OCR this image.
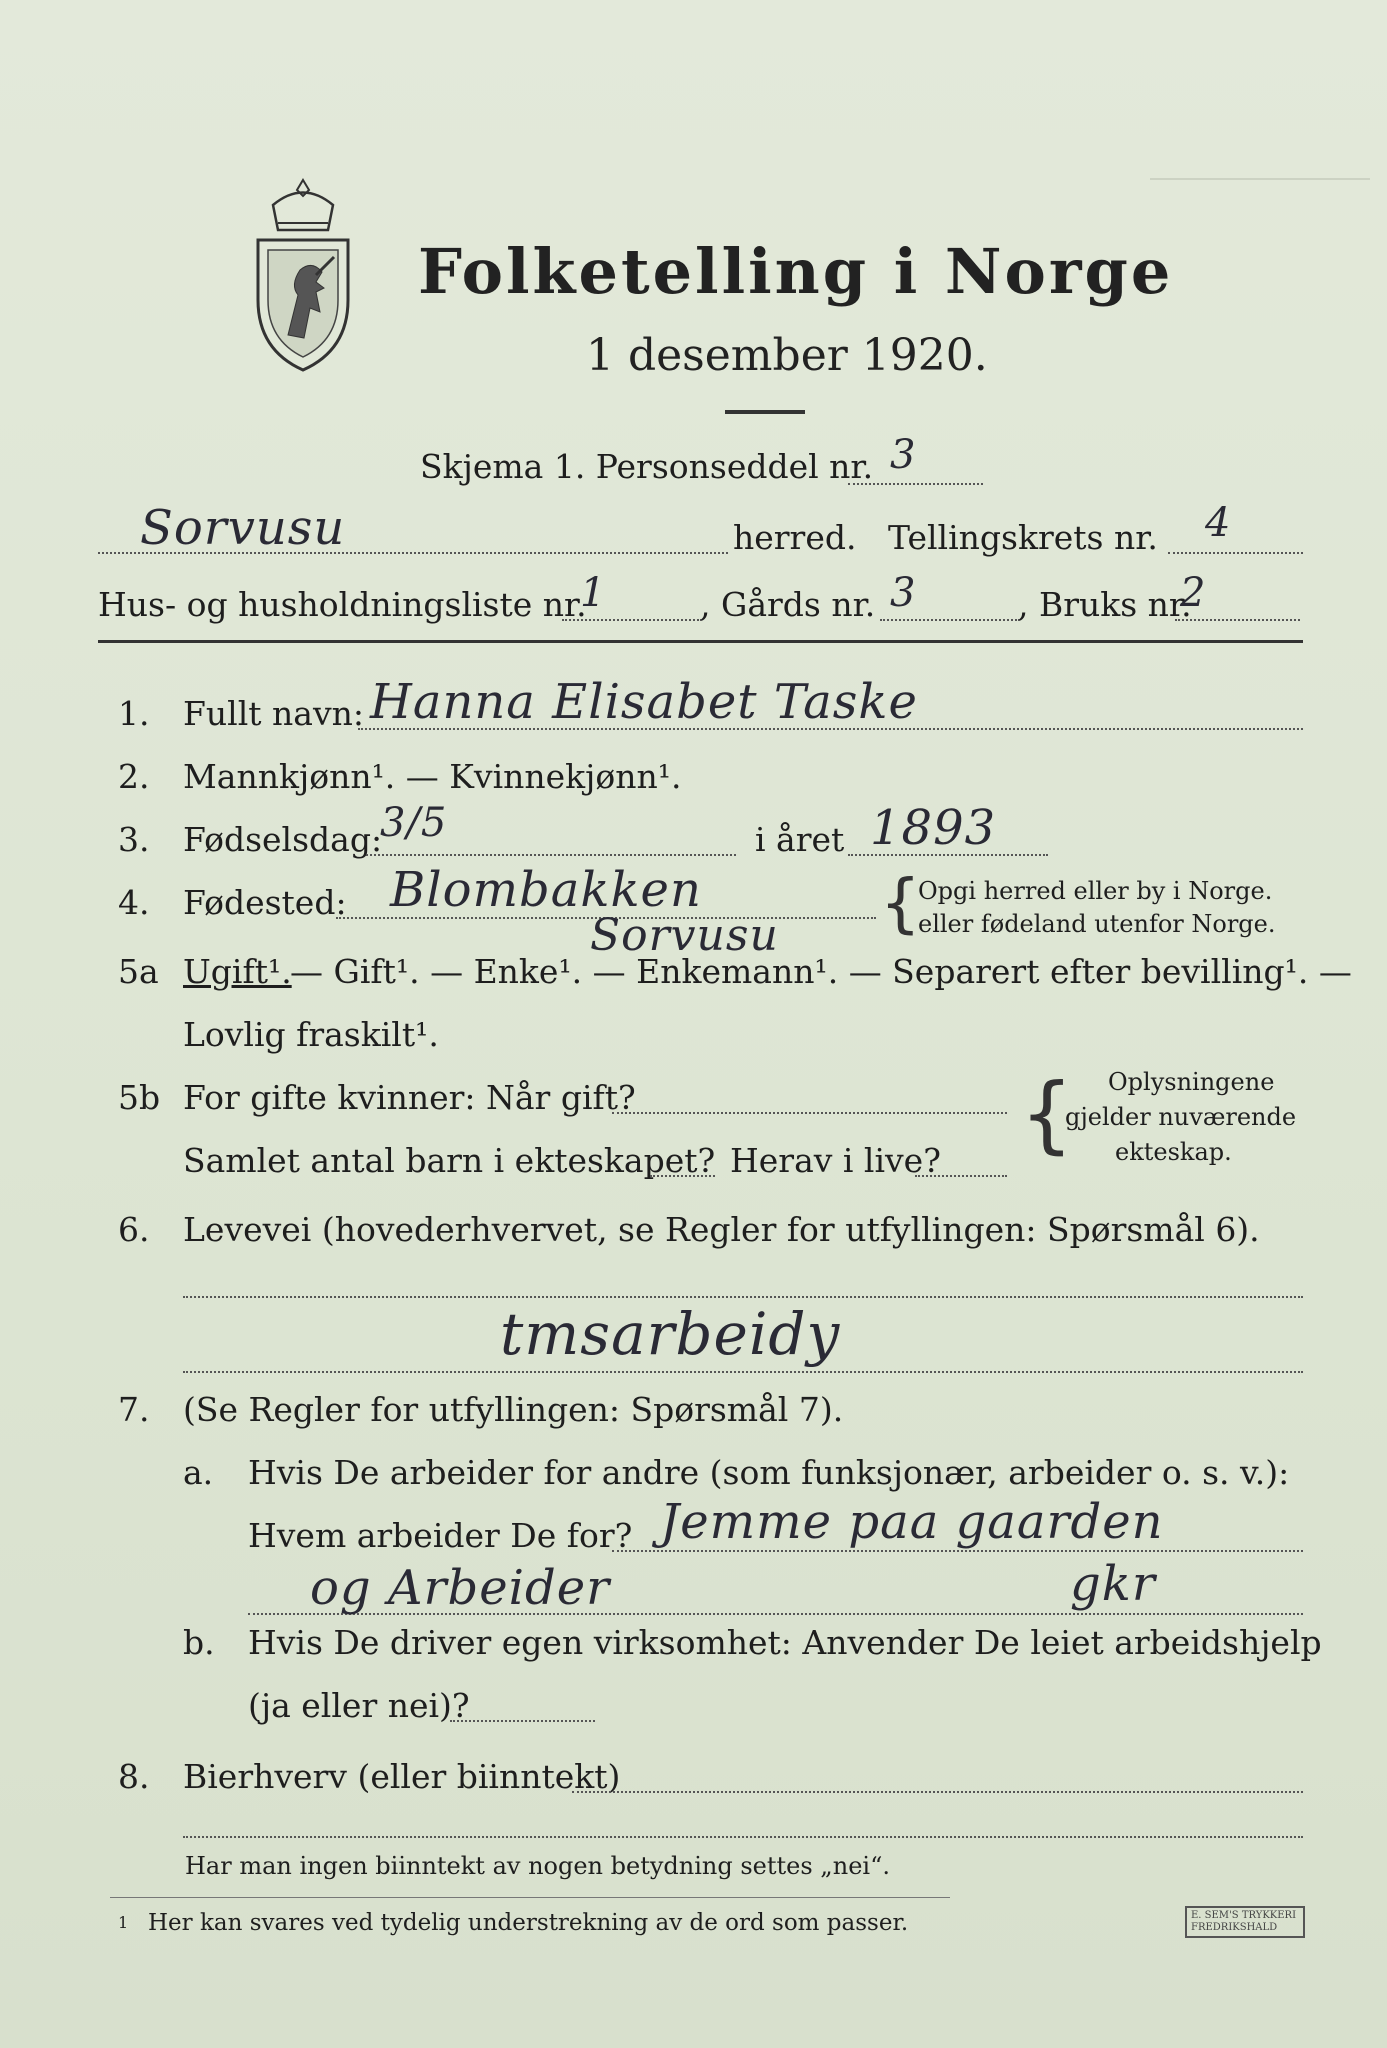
Folketelling i Norge
1 desember 1920.
Skjema 1. Personseddel nr. 3
Sorvusu	herred. Tellingskrets nr. 4
Hus- og husholdningsliste nr.
1	, Gårds nr. 3	, Bruks nr.
2
1. Fullt navn: Hanna Elisabet Taske
2. Mannkjønn¹. — Kvinnekjønn¹.
3. Fødselsdag:
3/5	i året 1893
4. Fødested: Blombakken
Sorvusu {
Opgi herred eller by i Norge.
eller fødeland utenfor Norge.
5a Ugift¹.
— Gift¹. — Enke¹. — Enkemann¹. — Separert efter bevilling¹. —
Lovlig fraskilt¹.
5b For gifte kvinner: Når gift?
Samlet antal barn i ekteskapet? Herav i live? { Oplysningene
gjelder nuværende
ekteskap.
6. Levevei (hovederhvervet, se Regler for utfyllingen: Spørsmål 6).
tmsarbeidy
7. (Se Regler for utfyllingen: Spørsmål 7).
a. Hvis De arbeider for andre (som funksjonær, arbeider o. s. v.):
Hvem arbeider De for? Jemme paa gaarden
og Arbeider	gkr
b. Hvis De driver egen virksomhet: Anvender De leiet arbeidshjelp
(ja eller nei)?
8. Bierhverv (eller biinntekt)
Har man ingen biinntekt av nogen betydning settes „nei“.
1 Her kan svares ved tydelig understrekning av de ord som passer.	E. SEM'S TRYKKERI FREDRIKSHALD
